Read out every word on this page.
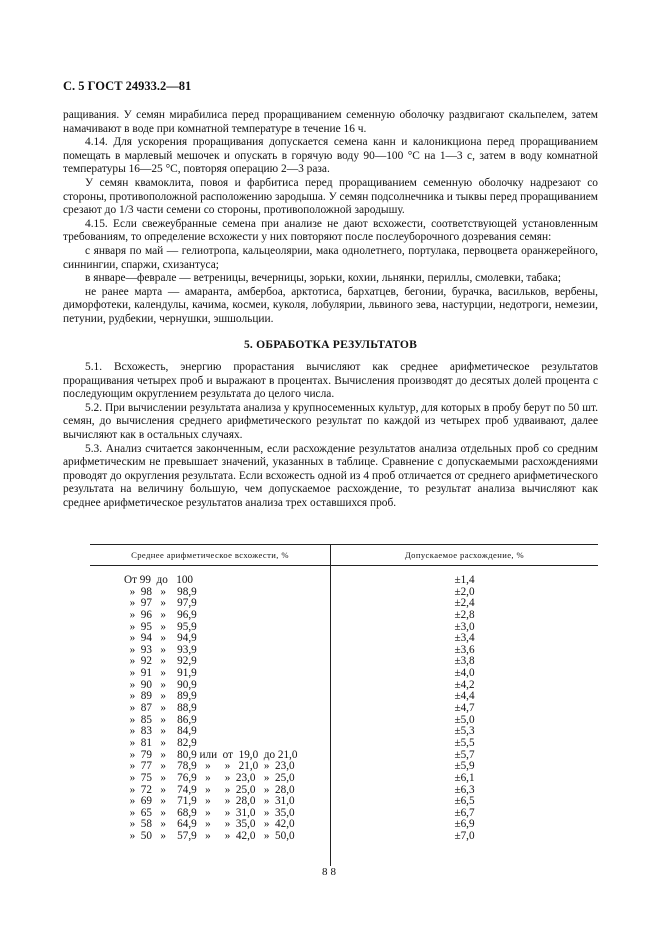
С. 5 ГОСТ 24933.2—81

ращивания. У семян мирабилиса перед проращиванием семенную оболочку раздвигают скальпелем, затем намачивают в воде при комнатной температуре в течение 16 ч.

4.14. Для ускорения проращивания допускается семена канн и калоникциона перед проращиванием помещать в марлевый мешочек и опускать в горячую воду 90—100 °С на 1—3 с, затем в воду комнатной температуры 16—25 °С, повторяя операцию 2—3 раза.

У семян квамоклита, повоя и фарбитиса перед проращиванием семенную оболочку надрезают со стороны, противоположной расположению зародыша. У семян подсолнечника и тыквы перед проращиванием срезают до 1/3 части семени со стороны, противоположной зародышу.

4.15. Если свежеубранные семена при анализе не дают всхожести, соответствующей установленным требованиям, то определение всхожести у них повторяют после послеуборочного дозревания семян:

с января по май — гелиотропа, кальцеолярии, мака однолетнего, портулака, первоцвета оранжерейного, синнингии, спаржи, схизантуса;

в январе—феврале — ветреницы, вечерницы, зорьки, кохии, льнянки, периллы, смолевки, табака;

не ранее марта — амаранта, амбербоа, арктотиса, бархатцев, бегонии, бурачка, васильков, вербены, диморфотеки, календулы, качима, космеи, куколя, лобулярии, львиного зева, настурции, недотроги, немезии, петунии, рудбекии, чернушки, эшшольции.

5. ОБРАБОТКА РЕЗУЛЬТАТОВ

5.1. Всхожесть, энергию прорастания вычисляют как среднее арифметическое результатов проращивания четырех проб и выражают в процентах. Вычисления производят до десятых долей процента с последующим округлением результата до целого числа.

5.2. При вычислении результата анализа у крупносеменных культур, для которых в пробу берут по 50 шт. семян, до вычисления среднего арифметического результат по каждой из четырех проб удваивают, далее вычисляют как в остальных случаях.

5.3. Анализ считается законченным, если расхождение результатов анализа отдельных проб со средним арифметическим не превышает значений, указанных в таблице. Сравнение с допускаемыми расхождениями проводят до округления результата. Если всхожесть одной из 4 проб отличается от среднего арифметического результата на величину большую, чем допускаемое расхождение, то результат анализа вычисляют как среднее арифметическое результатов анализа трех оставшихся проб.

Среднее арифметическое всхожести, %	Допускаемое расхождение, %
От 99  до   100
»  98   »    98,9
»  97   »    97,9
»  96   »    96,9
»  95   »    95,9
»  94   »    94,9
»  93   »    93,9
»  92   »    92,9
»  91   »    91,9
»  90   »    90,9
»  89   »    89,9
»  87   »    88,9
»  85   »    86,9
»  83   »    84,9
»  81   »    82,9
»  79   »    80,9 или  от  19,0  до 21,0
»  77   »    78,9   »     »   21,0  »  23,0
»  75   »    76,9   »     »  23,0   »  25,0
»  72   »    74,9   »     »  25,0   »  28,0
»  69   »    71,9   »     »  28,0   »  31,0
»  65   »    68,9   »     »  31,0   »  35,0
»  58   »    64,9   »     »  35,0   »  42,0
»  50   »    57,9   »     »  42,0   »  50,0
±1,4
±2,0
±2,4
±2,8
±3,0
±3,4
±3,6
±3,8
±4,0
±4,2
±4,4
±4,7
±5,0
±5,3
±5,5
±5,7
±5,9
±6,1
±6,3
±6,5
±6,7
±6,9
±7,0
88
